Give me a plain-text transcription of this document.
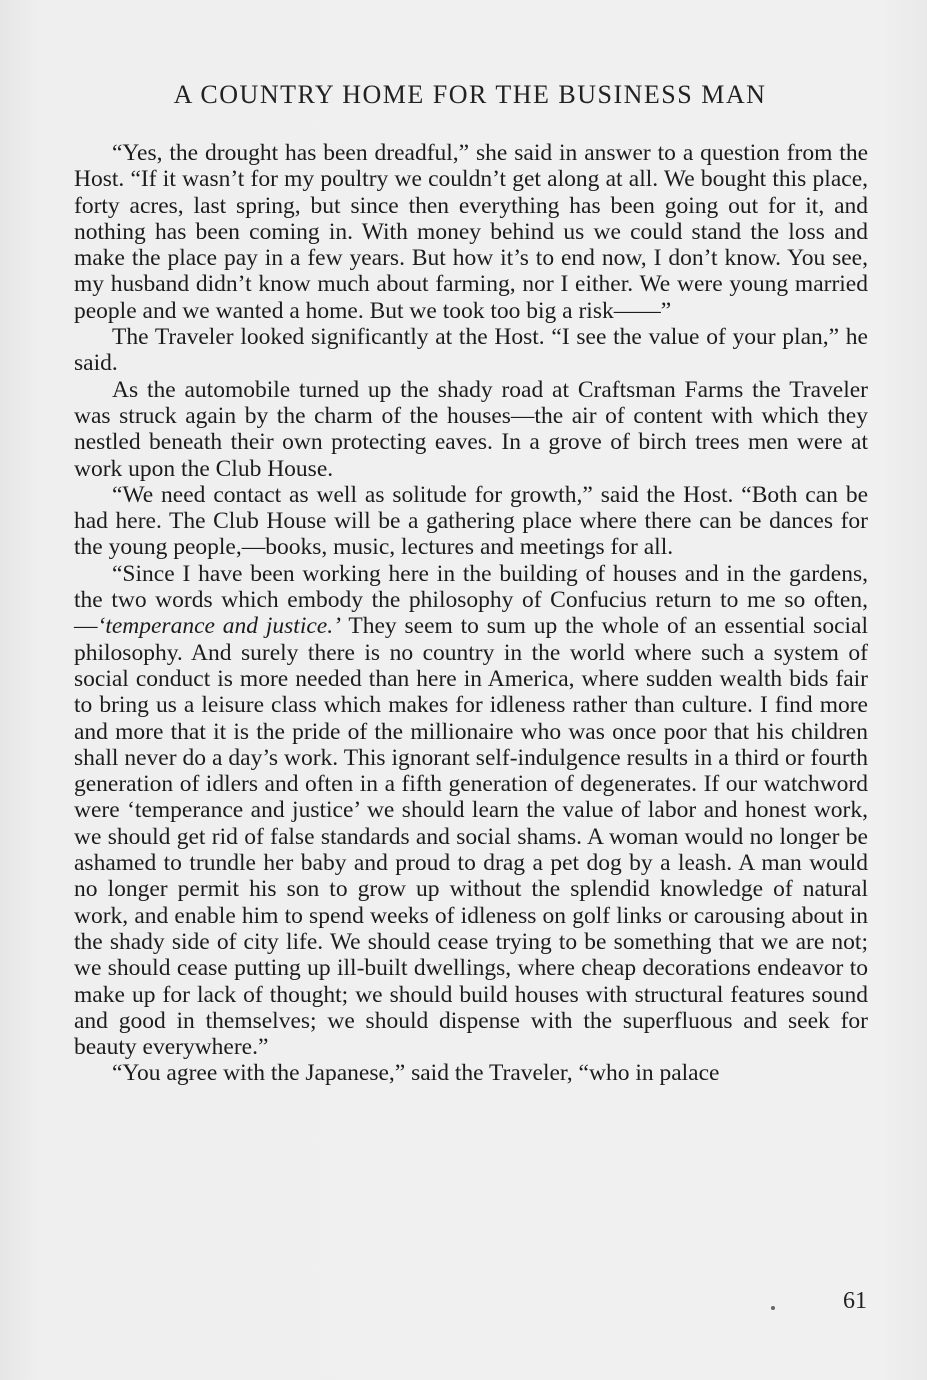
A COUNTRY HOME FOR THE BUSINESS MAN

“Yes, the drought has been dreadful,” she said in answer to a question from the Host. “If it wasn’t for my poultry we couldn’t get along at all. We bought this place, forty acres, last spring, but since then everything has been going out for it, and nothing has been coming in. With money behind us we could stand the loss and make the place pay in a few years. But how it’s to end now, I don’t know. You see, my husband didn’t know much about farming, nor I either. We were young married people and we wanted a home. But we took too big a risk——”

The Traveler looked significantly at the Host. “I see the value of your plan,” he said.

As the automobile turned up the shady road at Craftsman Farms the Traveler was struck again by the charm of the houses—the air of content with which they nestled beneath their own protecting eaves. In a grove of birch trees men were at work upon the Club House.

“We need contact as well as solitude for growth,” said the Host. “Both can be had here. The Club House will be a gathering place where there can be dances for the young people,—books, music, lectures and meetings for all.

“Since I have been working here in the building of houses and in the gardens, the two words which embody the philosophy of Confucius return to me so often,—‘temperance and justice.’ They seem to sum up the whole of an essential social philosophy. And surely there is no country in the world where such a system of social conduct is more needed than here in America, where sudden wealth bids fair to bring us a leisure class which makes for idleness rather than culture. I find more and more that it is the pride of the millionaire who was once poor that his children shall never do a day’s work. This ignorant self-indulgence results in a third or fourth generation of idlers and often in a fifth generation of degenerates. If our watchword were ‘temperance and justice’ we should learn the value of labor and honest work, we should get rid of false standards and social shams. A woman would no longer be ashamed to trundle her baby and proud to drag a pet dog by a leash. A man would no longer permit his son to grow up without the splendid knowledge of natural work, and enable him to spend weeks of idleness on golf links or carousing about in the shady side of city life. We should cease trying to be something that we are not; we should cease putting up ill-built dwellings, where cheap decorations endeavor to make up for lack of thought; we should build houses with structural features sound and good in themselves; we should dispense with the superfluous and seek for beauty everywhere.”

“You agree with the Japanese,” said the Traveler, “who in palace

61
